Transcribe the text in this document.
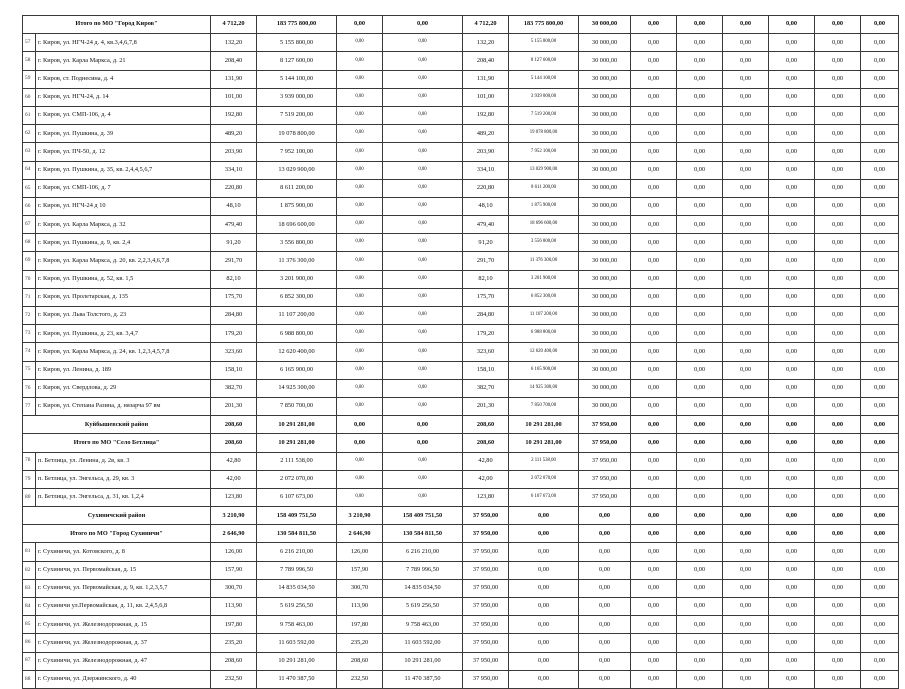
Итого по МО "Город Киров"		4 712,20	183 775 800,00	0,00	0,00	4 712,20	183 775 800,00	30 000,00	0,00	0,00	0,00	0,00	0,00	0,00
57	г. Киров, ул. НГЧ-24 д. 4, кв.3,4,6,7,8	132,20	5 155 800,00	0,00	0,00	132,20	5 155 800,00	30 000,00	0,00	0,00	0,00	0,00	0,00	0,00
58	г. Киров, ул. Карла Маркса, д. 21	208,40	8 127 600,00	0,00	0,00	208,40	8 127 600,00	30 000,00	0,00	0,00	0,00	0,00	0,00	0,00
59	г. Киров, ст. Поднесина, д. 4	131,90	5 144 100,00	0,00	0,00	131,90	5 144 100,00	30 000,00	0,00	0,00	0,00	0,00	0,00	0,00
60	г. Киров, ул. НГЧ-24, д. 14	101,00	3 939 000,00	0,00	0,00	101,00	3 939 000,00	30 000,00	0,00	0,00	0,00	0,00	0,00	0,00
61	г. Киров, ул. СМП-106, д. 4	192,80	7 519 200,00	0,00	0,00	192,80	7 519 200,00	30 000,00	0,00	0,00	0,00	0,00	0,00	0,00
62	г. Киров, ул. Пушкина, д. 39	489,20	19 078 800,00	0,00	0,00	489,20	19 078 800,00	30 000,00	0,00	0,00	0,00	0,00	0,00	0,00
63	г. Киров, ул. ПЧ-50, д. 12	203,90	7 952 100,00	0,00	0,00	203,90	7 952 100,00	30 000,00	0,00	0,00	0,00	0,00	0,00	0,00
64	г. Киров, ул. Пушкина, д. 35, кв. 2,4,4,5,6,7	334,10	13 029 900,00	0,00	0,00	334,10	13 029 900,00	30 000,00	0,00	0,00	0,00	0,00	0,00	0,00
65	г. Киров, ул. СМП-106, д. 7	220,80	8 611 200,00	0,00	0,00	220,80	8 611 200,00	30 000,00	0,00	0,00	0,00	0,00	0,00	0,00
66	г. Киров, ул. НГЧ-24 д 10	48,10	1 875 900,00	0,00	0,00	48,10	1 875 900,00	30 000,00	0,00	0,00	0,00	0,00	0,00	0,00
67	г. Киров, ул. Карла Маркса, д. 32	479,40	18 696 600,00	0,00	0,00	479,40	18 696 600,00	30 000,00	0,00	0,00	0,00	0,00	0,00	0,00
68	г. Киров, ул. Пушкина, д. 9, кв. 2,4	91,20	3 556 800,00	0,00	0,00	91,20	3 556 800,00	30 000,00	0,00	0,00	0,00	0,00	0,00	0,00
69	г. Киров, ул. Карла Маркса, д. 20, кв. 2,2,3,4,6,7,8	291,70	11 376 300,00	0,00	0,00	291,70	11 376 300,00	30 000,00	0,00	0,00	0,00	0,00	0,00	0,00
70	г. Киров, ул. Пушкина, д. 52, кв. 1,5	82,10	3 201 900,00	0,00	0,00	82,10	3 201 900,00	30 000,00	0,00	0,00	0,00	0,00	0,00	0,00
71	г. Киров, ул. Пролетарская, д. 135	175,70	6 852 300,00	0,00	0,00	175,70	6 852 300,00	30 000,00	0,00	0,00	0,00	0,00	0,00	0,00
72	г. Киров, ул. Льва Толстого, д. 23	284,80	11 107 200,00	0,00	0,00	284,80	11 107 200,00	30 000,00	0,00	0,00	0,00	0,00	0,00	0,00
73	г. Киров, ул. Пушкина, д. 23, кв. 3,4,7	179,20	6 988 800,00	0,00	0,00	179,20	6 988 800,00	30 000,00	0,00	0,00	0,00	0,00	0,00	0,00
74	г. Киров, ул. Карла Маркса, д. 24, кв. 1,2,3,4,5,7,8	323,60	12 620 400,00	0,00	0,00	323,60	12 620 400,00	30 000,00	0,00	0,00	0,00	0,00	0,00	0,00
75	г. Киров, ул. Ленина, д. 189	158,10	6 165 900,00	0,00	0,00	158,10	6 165 900,00	30 000,00	0,00	0,00	0,00	0,00	0,00	0,00
76	г. Киров, ул. Свердлова, д. 29	382,70	14 925 300,00	0,00	0,00	382,70	14 925 300,00	30 000,00	0,00	0,00	0,00	0,00	0,00	0,00
77	г. Киров, ул. Степана Разина, д. нязарча 97 вм	201,30	7 850 700,00	0,00	0,00	201,30	7 850 700,00	30 000,00	0,00	0,00	0,00	0,00	0,00	0,00
Куйбышевский район		208,60	10 291 281,00	0,00	0,00	208,60	10 291 281,00	37 950,00	0,00	0,00	0,00	0,00	0,00	0,00
Итого по МО "Село Бетлица"		208,60	10 291 281,00	0,00	0,00	208,60	10 291 281,00	37 950,00	0,00	0,00	0,00	0,00	0,00	0,00
78	п. Бетлица, ул. Ленина, д. 2в, кв. 3	42,80	2 111 538,00	0,00	0,00	42,80	2 111 538,00	37 950,00	0,00	0,00	0,00	0,00	0,00	0,00
79	п. Бетлица, ул. Энгельса, д. 29, кв. 3	42,00	2 072 070,00	0,00	0,00	42,00	2 072 070,00	37 950,00	0,00	0,00	0,00	0,00	0,00	0,00
80	п. Бетлица, ул. Энгельса, д. 31, кв. 1,2,4	123,80	6 107 673,00	0,00	0,00	123,80	6 107 673,00	37 950,00	0,00	0,00	0,00	0,00	0,00	0,00
Сухиничский район		3 210,90	158 409 751,50	3 210,90	158 409 751,50	37 950,00	0,00	0,00	0,00	0,00	0,00	0,00	0,00	0,00
Итого по МО "Город Сухиничи"		2 646,90	130 584 811,50	2 646,90	130 584 811,50	37 950,00	0,00	0,00	0,00	0,00	0,00	0,00	0,00	0,00
81	г. Сухиничи, ул. Котовского, д. 8	126,00	6 216 210,00	126,00	6 216 210,00	37 950,00	0,00	0,00	0,00	0,00	0,00	0,00	0,00	0,00
82	г. Сухиничи, ул. Первомайская, д. 15	157,90	7 789 996,50	157,90	7 789 996,50	37 950,00	0,00	0,00	0,00	0,00	0,00	0,00	0,00	0,00
83	г. Сухиничи, ул. Первомайская, д. 9, кв. 1,2,3,5,7	300,70	14 835 034,50	300,70	14 835 034,50	37 950,00	0,00	0,00	0,00	0,00	0,00	0,00	0,00	0,00
84	г. Сухиничи ул.Первомайская, д. 11, кв. 2,4,5,6,8	113,90	5 619 256,50	113,90	5 619 256,50	37 950,00	0,00	0,00	0,00	0,00	0,00	0,00	0,00	0,00
85	г. Сухиничи, ул. Железнодорожная, д. 15	197,80	9 758 463,00	197,80	9 758 463,00	37 950,00	0,00	0,00	0,00	0,00	0,00	0,00	0,00	0,00
86	г. Сухиничи, ул. Железнодорожная, д. 37	235,20	11 603 592,00	235,20	11 603 592,00	37 950,00	0,00	0,00	0,00	0,00	0,00	0,00	0,00	0,00
87	г. Сухиничи, ул. Железнодорожная, д. 47	208,60	10 291 281,00	208,60	10 291 281,00	37 950,00	0,00	0,00	0,00	0,00	0,00	0,00	0,00	0,00
88	г. Сухиничи, ул. Дзержинского, д. 40	232,50	11 470 387,50	232,50	11 470 387,50	37 950,00	0,00	0,00	0,00	0,00	0,00	0,00	0,00	0,00
